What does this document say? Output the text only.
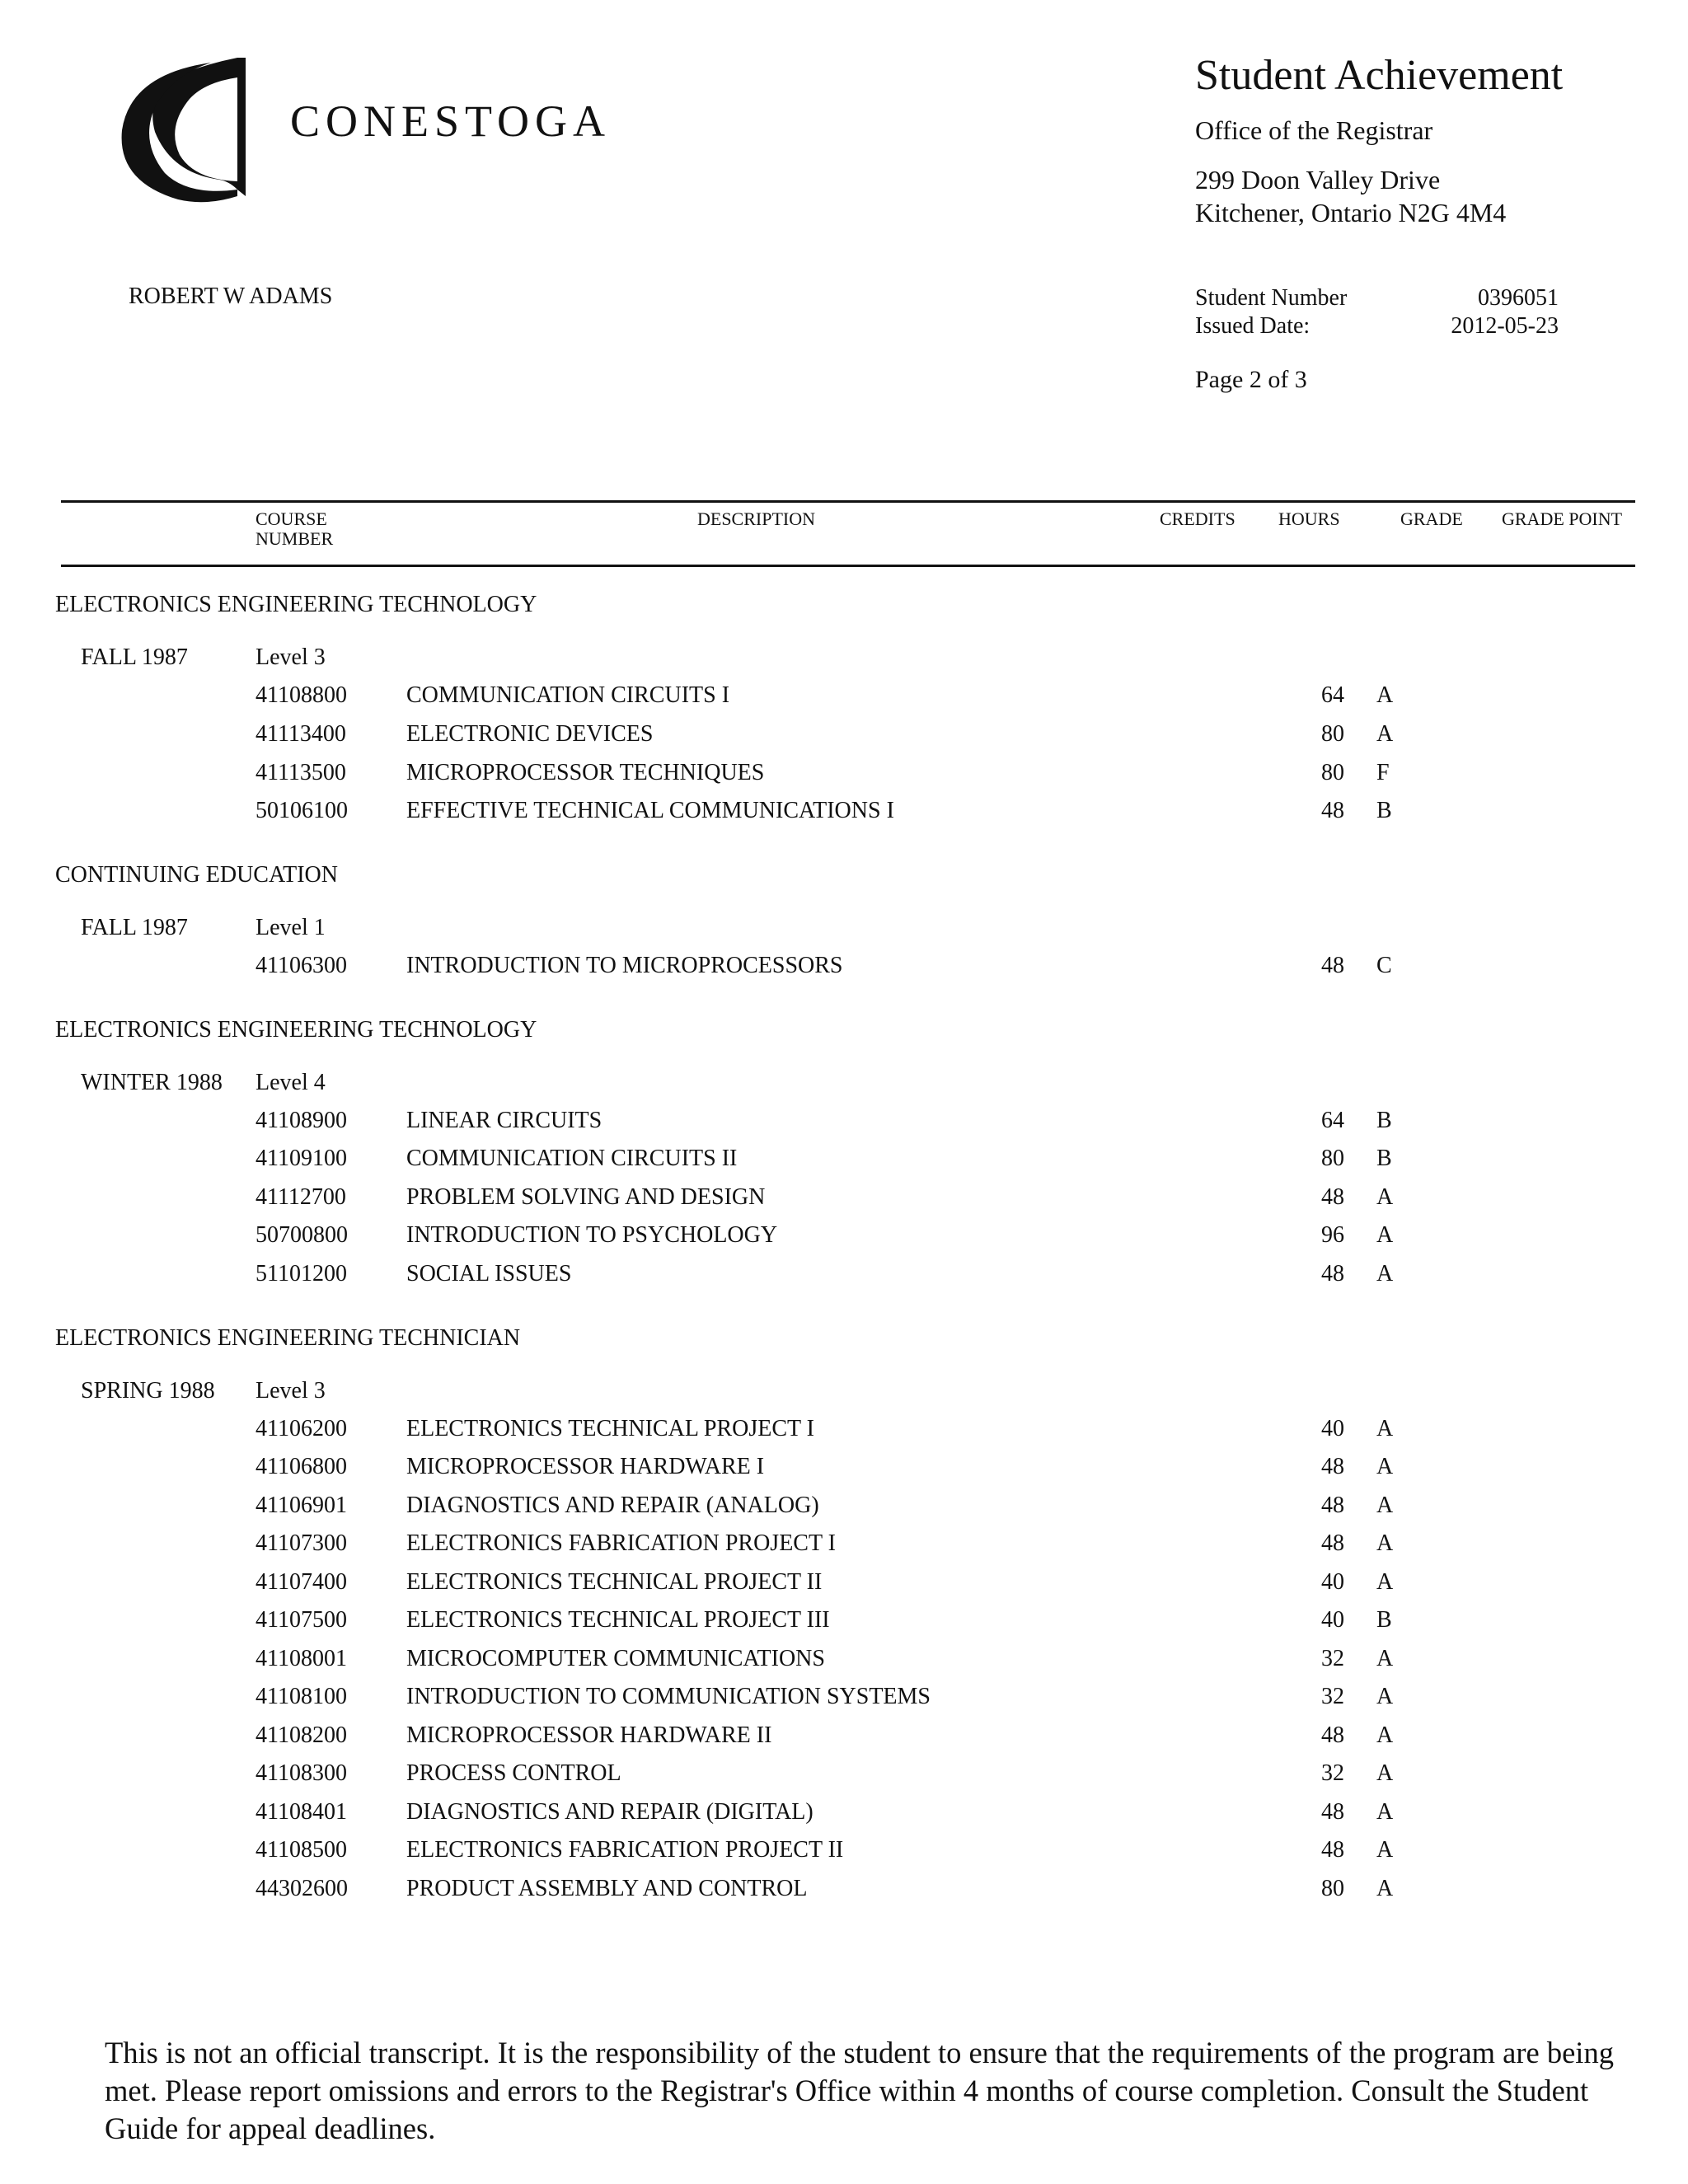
CONESTOGA
Student Achievement
Office of the Registrar
299 Doon Valley Drive
Kitchener, Ontario N2G 4M4
ROBERT W ADAMS	Student Number	0396051
Issued Date:	2012-05-23
Page 2 of 3
COURSE
NUMBER
DESCRIPTION	CREDITS HOURS	GRADE GRADE POINT
ELECTRONICS ENGINEERING TECHNOLOGY
FALL 1987	Level 3
41108800	COMMUNICATION CIRCUITS I	64 A
41113400	ELECTRONIC DEVICES	80 A
41113500	MICROPROCESSOR TECHNIQUES	80 F
50106100	EFFECTIVE TECHNICAL COMMUNICATIONS I	48 B
CONTINUING EDUCATION
FALL 1987	Level 1
41106300	INTRODUCTION TO MICROPROCESSORS	48 C
ELECTRONICS ENGINEERING TECHNOLOGY
WINTER 1988 Level 4
41108900	LINEAR CIRCUITS	64 B
41109100	COMMUNICATION CIRCUITS II	80 B
41112700	PROBLEM SOLVING AND DESIGN	48 A
50700800	INTRODUCTION TO PSYCHOLOGY	96 A
51101200	SOCIAL ISSUES	48 A
ELECTRONICS ENGINEERING TECHNICIAN
SPRING 1988 Level 3
41106200	ELECTRONICS TECHNICAL PROJECT I	40 A
41106800	MICROPROCESSOR HARDWARE I	48 A
41106901	DIAGNOSTICS AND REPAIR (ANALOG)	48 A
41107300	ELECTRONICS FABRICATION PROJECT I	48 A
41107400	ELECTRONICS TECHNICAL PROJECT II	40 A
41107500	ELECTRONICS TECHNICAL PROJECT III	40 B
41108001	MICROCOMPUTER COMMUNICATIONS	32 A
41108100	INTRODUCTION TO COMMUNICATION SYSTEMS	32 A
41108200	MICROPROCESSOR HARDWARE II	48 A
41108300	PROCESS CONTROL	32 A
41108401	DIAGNOSTICS AND REPAIR (DIGITAL)	48 A
41108500	ELECTRONICS FABRICATION PROJECT II	48 A
44302600	PRODUCT ASSEMBLY AND CONTROL	80 A
This is not an official transcript. It is the responsibility of the student to ensure that the requirements of the program are being met. Please report omissions and errors to the Registrar's Office within 4 months of course completion. Consult the Student Guide for appeal deadlines.
